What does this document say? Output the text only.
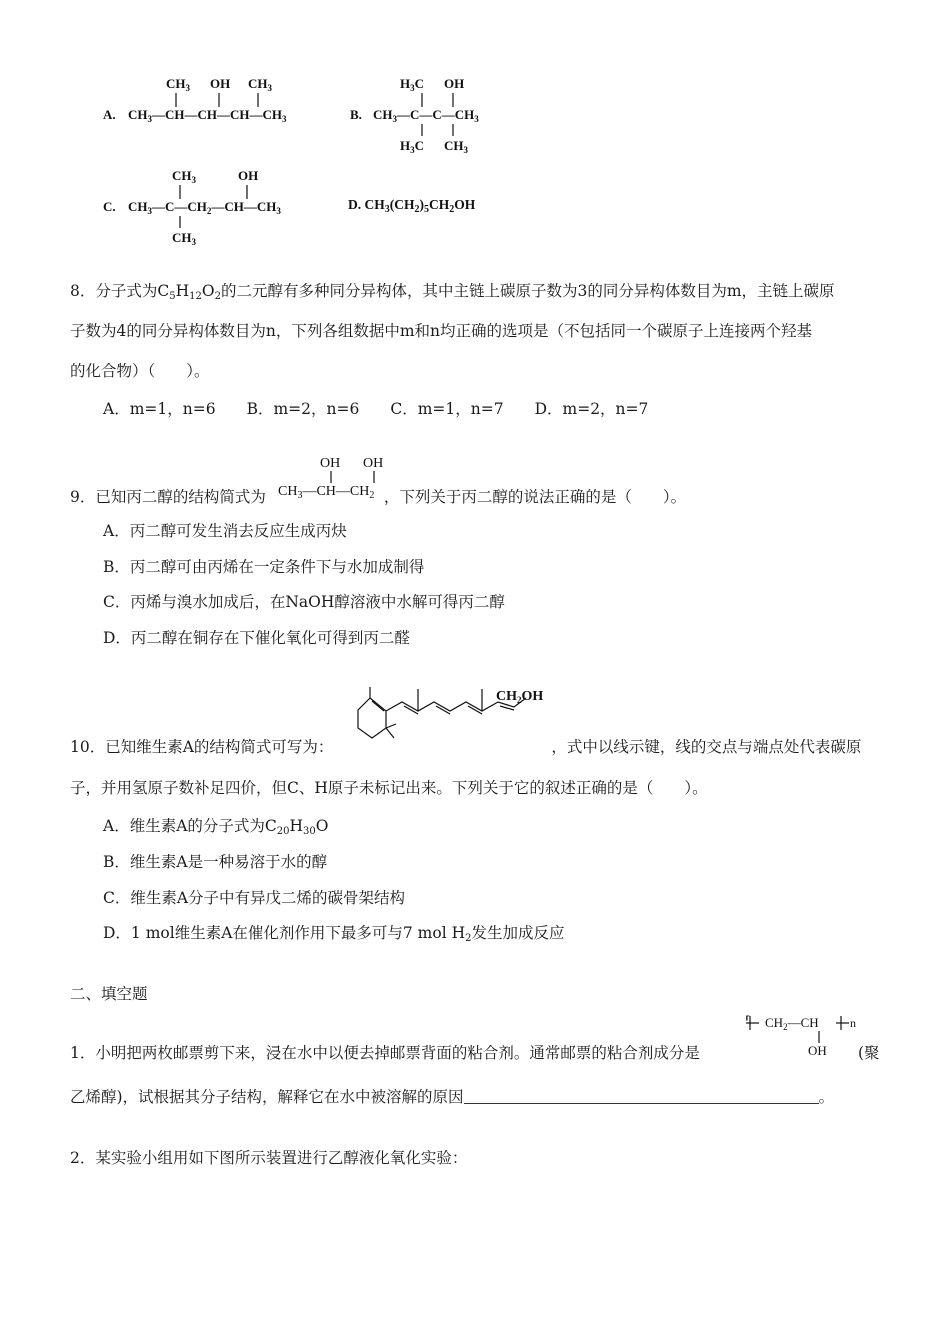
A.
$CH_3$ OH $CH_3$
$CH_3—CH—CH—CH—CH_3$	B.
$H_3C$ OH
$CH_3—C—C—CH_3$
$H_3C$ $CH_3$
C.
$CH_3$	OH
$CH_3—C—CH_2—CH—CH_3$
$CH_3$
D. $CH_3(CH_2)_5CH_2OH$
8．分子式为$C_5H_{12}O_2$的二元醇有多种同分异构体，其中主链上碳原子数为3的同分异构体数目为m，主链上碳原
子数为4的同分异构体数目为n，下列各组数据中m和n均正确的选项是（不包括同一个碳原子上连接两个羟基
的化合物）（　　）。
A．m=1，n=6　　B．m=2，n=6　　C．m=1，n=7　　D．m=2，n=7
9．已知丙二醇的结构简式为	，下列关于丙二醇的说法正确的是（　　）。
OH OH
$CH_3—CH—CH_2$
A．丙二醇可发生消去反应生成丙炔
B．丙二醇可由丙烯在一定条件下与水加成制得
C．丙烯与溴水加成后，在NaOH醇溶液中水解可得丙二醇
D．丙二醇在铜存在下催化氧化可得到丙二醛
$CH_2OH$
10．已知维生素A的结构简式可写为：	，式中以线示键，线的交点与端点处代表碳原
子，并用氢原子数补足四价，但C、H原子未标记出来。下列关于它的叙述正确的是（　　）。
A．维生素A的分子式为$C_{20}H_{30}O$
B．维生素A是一种易溶于水的醇
C．维生素A分子中有异戊二烯的碳骨架结构
D．1 mol维生素A在催化剂作用下最多可与7 mol $H_2$发生加成反应
二、填空题
⸢ $CH_2—CH$	n
OH
1．小明把两枚邮票剪下来，浸在水中以便去掉邮票背面的粘合剂。通常邮票的粘合剂成分是	(聚
乙烯醇)，试根据其分子结构，解释它在水中被溶解的原因	。
2．某实验小组用如下图所示装置进行乙醇液化氧化实验：
